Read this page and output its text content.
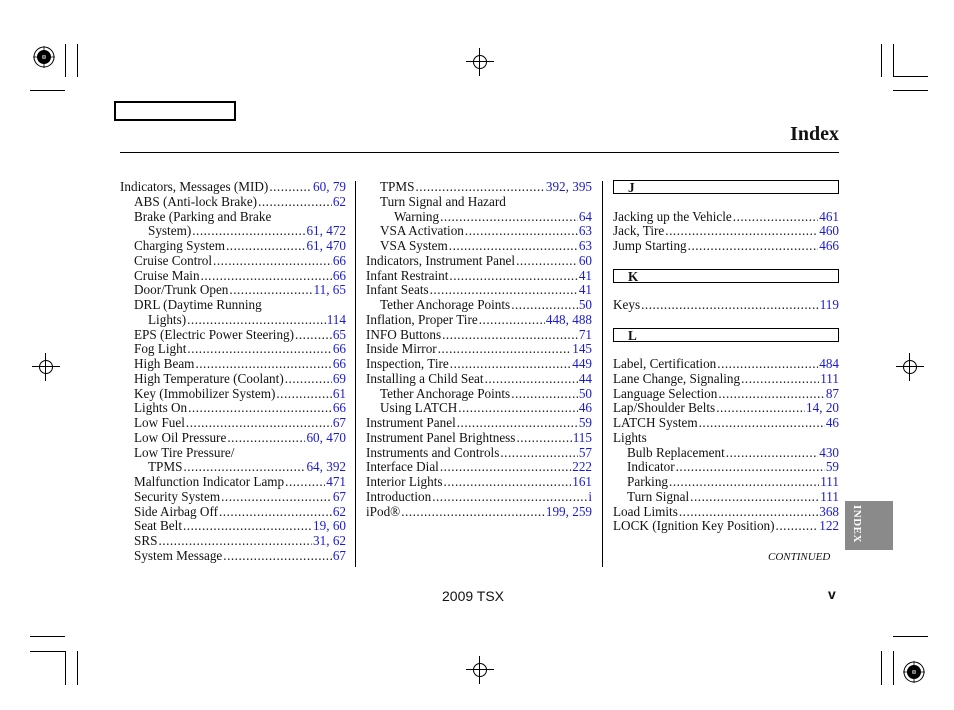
Index
Indicators, Messages (MID) .....	60, 79
ABS (Anti-lock Brake) .....	62
Brake (Parking and Brake
System) .....	61, 472
Charging System .....	61, 470
Cruise Control .....	66
Cruise Main .....	66
Door/Trunk Open .....	11, 65
DRL (Daytime Running
Lights) .....	114
EPS (Electric Power Steering) .....	65
Fog Light .....	66
High Beam .....	66
High Temperature (Coolant) .....	69
Key (Immobilizer System) .....	61
Lights On .....	66
Low Fuel .....	67
Low Oil Pressure .....	60, 470
Low Tire Pressure/
TPMS .....	64, 392
Malfunction Indicator Lamp .....	471
Security System .....	67
Side Airbag Off .....	62
Seat Belt .....	19, 60
SRS .....	31, 62
System Message .....	67
TPMS .....	392, 395
Turn Signal and Hazard
Warning .....	64
VSA Activation .....	63
VSA System .....	63
Indicators, Instrument Panel .....	60
Infant Restraint .....	41
Infant Seats .....	41
Tether Anchorage Points .....	50
Inflation, Proper Tire .....	448, 488
INFO Buttons .....	71
Inside Mirror .....	145
Inspection, Tire .....	449
Installing a Child Seat .....	44
Tether Anchorage Points .....	50
Using LATCH .....	46
Instrument Panel .....	59
Instrument Panel Brightness .....	115
Instruments and Controls .....	57
Interface Dial .....	222
Interior Lights .....	161
Introduction .....	i
iPod® .....	199, 259
J
Jacking up the Vehicle .....	461
Jack, Tire .....	460
Jump Starting .....	466
K
Keys .....	119
L
Label, Certification .....	484
Lane Change, Signaling .....	111
Language Selection .....	87
Lap/Shoulder Belts .....	14, 20
LATCH System .....	46
Lights
Bulb Replacement .....	430
Indicator .....	59
Parking .....	111
Turn Signal .....	111
Load Limits .....	368
LOCK (Ignition Key Position) .....	122
CONTINUED
2009 TSX	v
INDEX
